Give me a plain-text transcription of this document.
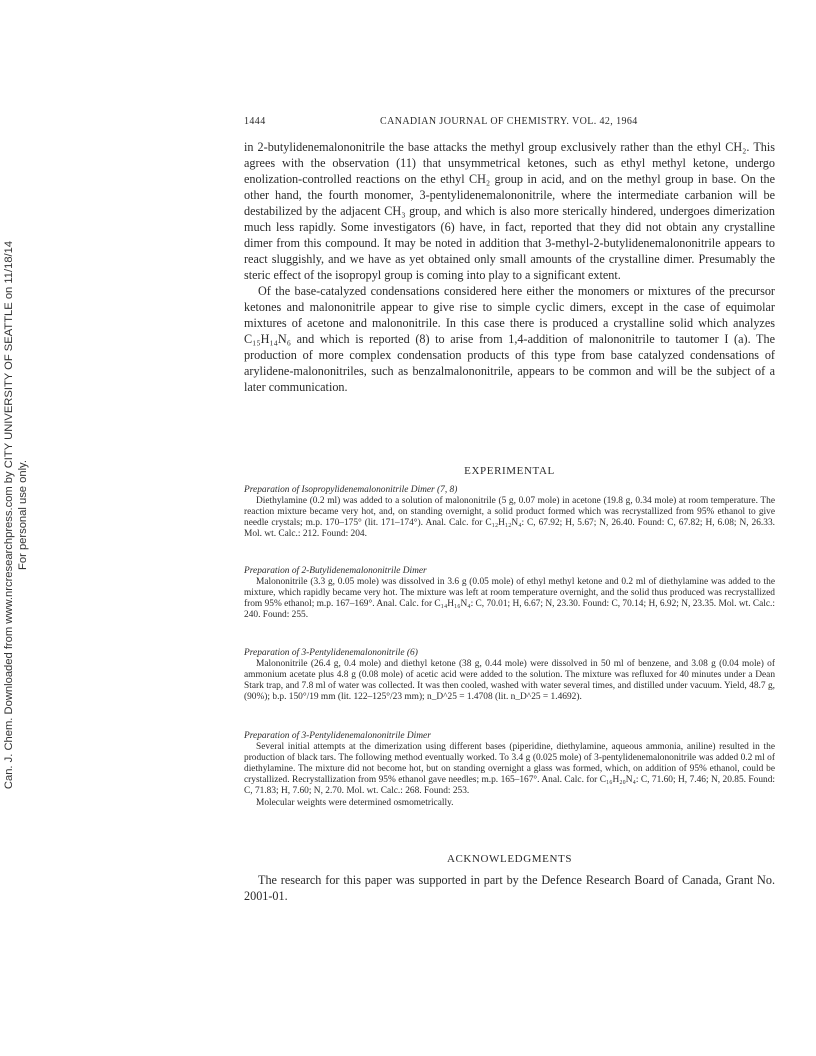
Can. J. Chem. Downloaded from www.nrcresearchpress.com by CITY UNIVERSITY OF SEATTLE on 11/18/14 For personal use only.
1444	CANADIAN JOURNAL OF CHEMISTRY. VOL. 42, 1964

in 2-butylidenemalononitrile the base attacks the methyl group exclusively rather than the ethyl CH₂. This agrees with the observation (11) that unsymmetrical ketones, such as ethyl methyl ketone, undergo enolization-controlled reactions on the ethyl CH₂ group in acid, and on the methyl group in base. On the other hand, the fourth monomer, 3-pentylidenemalononitrile, where the intermediate carbanion will be destabilized by the adjacent CH₃ group, and which is also more sterically hindered, undergoes dimerization much less rapidly. Some investigators (6) have, in fact, reported that they did not obtain any crystalline dimer from this compound. It may be noted in addition that 3-methyl-2-butylidenemalononitrile appears to react sluggishly, and we have as yet obtained only small amounts of the crystalline dimer. Presumably the steric effect of the isopropyl group is coming into play to a significant extent.

Of the base-catalyzed condensations considered here either the monomers or mixtures of the precursor ketones and malononitrile appear to give rise to simple cyclic dimers, except in the case of equimolar mixtures of acetone and malononitrile. In this case there is produced a crystalline solid which analyzes C₁₅H₁₄N₆ and which is reported (8) to arise from 1,4-addition of malononitrile to tautomer I (a). The production of more complex condensation products of this type from base catalyzed condensations of arylidene-malononitriles, such as benzalmalononitrile, appears to be common and will be the subject of a later communication.

EXPERIMENTAL
Preparation of Isopropylidenemalononitrile Dimer (7, 8)

Diethylamine (0.2 ml) was added to a solution of malononitrile (5 g, 0.07 mole) in acetone (19.8 g, 0.34 mole) at room temperature. The reaction mixture became very hot, and, on standing overnight, a solid product formed which was recrystallized from 95% ethanol to give needle crystals; m.p. 170–175° (lit. 171–174°). Anal. Calc. for C₁₂H₁₂N₄: C, 67.92; H, 5.67; N, 26.40. Found: C, 67.82; H, 6.08; N, 26.33. Mol. wt. Calc.: 212. Found: 204.

Preparation of 2-Butylidenemalononitrile Dimer

Malononitrile (3.3 g, 0.05 mole) was dissolved in 3.6 g (0.05 mole) of ethyl methyl ketone and 0.2 ml of diethylamine was added to the mixture, which rapidly became very hot. The mixture was left at room temperature overnight, and the solid thus produced was recrystallized from 95% ethanol; m.p. 167–169°. Anal. Calc. for C₁₄H₁₆N₄: C, 70.01; H, 6.67; N, 23.30. Found: C, 70.14; H, 6.92; N, 23.35. Mol. wt. Calc.: 240. Found: 255.

Preparation of 3-Pentylidenemalononitrile (6)

Malononitrile (26.4 g, 0.4 mole) and diethyl ketone (38 g, 0.44 mole) were dissolved in 50 ml of benzene, and 3.08 g (0.04 mole) of ammonium acetate plus 4.8 g (0.08 mole) of acetic acid were added to the solution. The mixture was refluxed for 40 minutes under a Dean Stark trap, and 7.8 ml of water was collected. It was then cooled, washed with water several times, and distilled under vacuum. Yield, 48.7 g, (90%); b.p. 150°/19 mm (lit. 122–125°/23 mm); n_D^25 = 1.4708 (lit. n_D^25 = 1.4692).

Preparation of 3-Pentylidenemalononitrile Dimer

Several initial attempts at the dimerization using different bases (piperidine, diethylamine, aqueous ammonia, aniline) resulted in the production of black tars. The following method eventually worked. To 3.4 g (0.025 mole) of 3-pentylidenemalononitrile was added 0.2 ml of diethylamine. The mixture did not become hot, but on standing overnight a glass was formed, which, on addition of 95% ethanol, could be crystallized. Recrystallization from 95% ethanol gave needles; m.p. 165–167°. Anal. Calc. for C₁₆H₂₀N₄: C, 71.60; H, 7.46; N, 20.85. Found: C, 71.83; H, 7.60; N, 2.70. Mol. wt. Calc.: 268. Found: 253.

Molecular weights were determined osmometrically.

ACKNOWLEDGMENTS

The research for this paper was supported in part by the Defence Research Board of Canada, Grant No. 2001-01.
